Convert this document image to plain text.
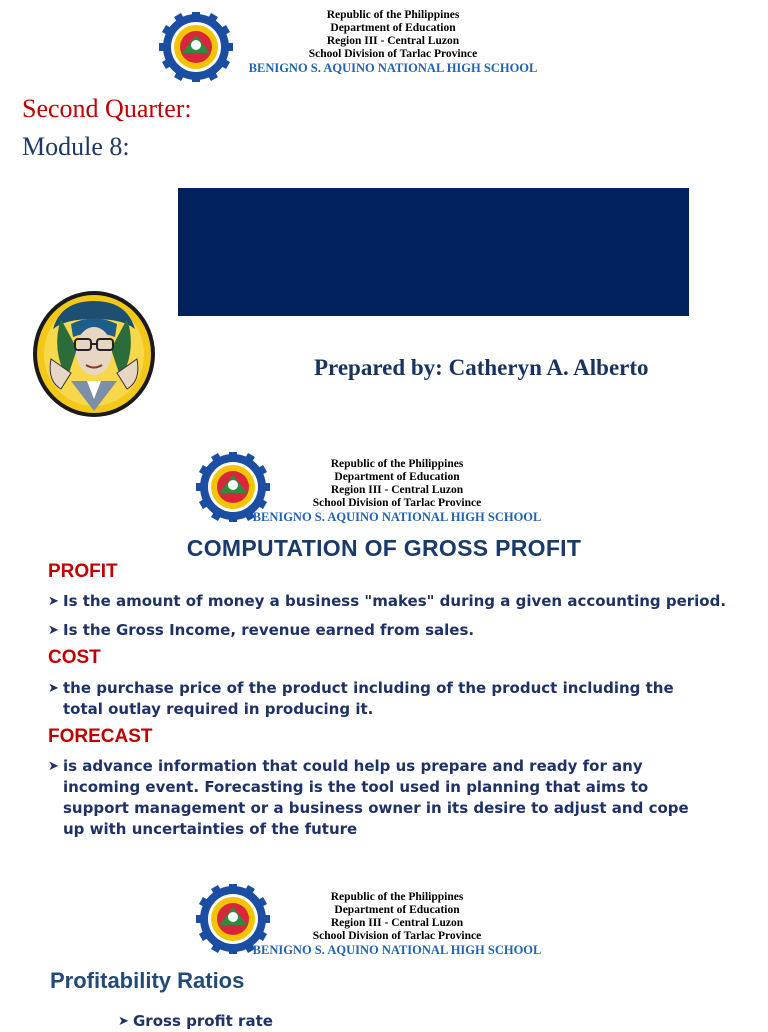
Republic of the Philippines
Department of Education
Region III - Central Luzon
School Division of Tarlac Province
BENIGNO S. AQUINO NATIONAL HIGH SCHOOL
Second Quarter:
Module 8:
Prepared by: Catheryn A. Alberto
Republic of the Philippines
Department of Education
Region III - Central Luzon
School Division of Tarlac Province
BENIGNO S. AQUINO NATIONAL HIGH SCHOOL
COMPUTATION OF GROSS PROFIT
PROFIT
➤ Is the amount of money a business "makes" during a given accounting period.
➤ Is the Gross Income, revenue earned from sales.
COST
➤ the purchase price of the product including of the product including the total outlay required in producing it.
FORECAST
➤ is advance information that could help us prepare and ready for any incoming event. Forecasting is the tool used in planning that aims to support management or a business owner in its desire to adjust and cope up with uncertainties of the future
Republic of the Philippines
Department of Education
Region III - Central Luzon
School Division of Tarlac Province
BENIGNO S. AQUINO NATIONAL HIGH SCHOOL
Profitability Ratios
➤ Gross profit rate
